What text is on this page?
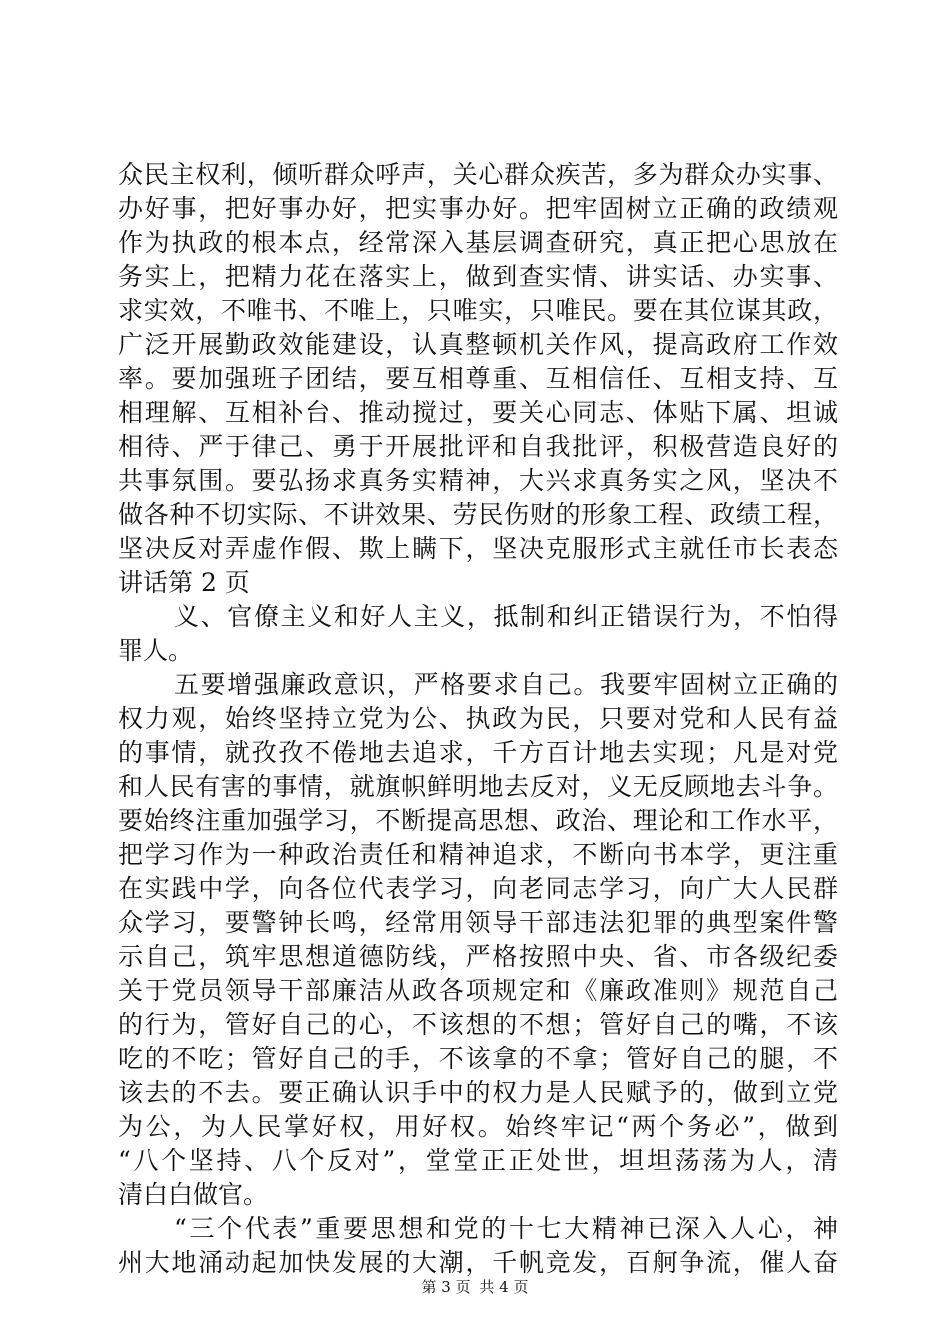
众民主权利，倾听群众呼声，关心群众疾苦，多为群众办实事、
办好事，把好事办好，把实事办好。把牢固树立正确的政绩观
作为执政的根本点，经常深入基层调查研究，真正把心思放在
务实上，把精力花在落实上，做到查实情、讲实话、办实事、
求实效，不唯书、不唯上，只唯实，只唯民。要在其位谋其政，
广泛开展勤政效能建设，认真整顿机关作风，提高政府工作效
率。要加强班子团结，要互相尊重、互相信任、互相支持、互
相理解、互相补台、推动搅过，要关心同志、体贴下属、坦诚
相待、严于律己、勇于开展批评和自我批评，积极营造良好的
共事氛围。要弘扬求真务实精神，大兴求真务实之风，坚决不
做各种不切实际、不讲效果、劳民伤财的形象工程、政绩工程，
坚决反对弄虚作假、欺上瞒下，坚决克服形式主就任市长表态
讲话第 2 页
义、官僚主义和好人主义，抵制和纠正错误行为，不怕得
罪人。
五要增强廉政意识，严格要求自己。我要牢固树立正确的
权力观，始终坚持立党为公、执政为民，只要对党和人民有益
的事情，就孜孜不倦地去追求，千方百计地去实现；凡是对党
和人民有害的事情，就旗帜鲜明地去反对，义无反顾地去斗争。
要始终注重加强学习，不断提高思想、政治、理论和工作水平，
把学习作为一种政治责任和精神追求，不断向书本学，更注重
在实践中学，向各位代表学习，向老同志学习，向广大人民群
众学习，要警钟长鸣，经常用领导干部违法犯罪的典型案件警
示自己，筑牢思想道德防线，严格按照中央、省、市各级纪委
关于党员领导干部廉洁从政各项规定和《廉政准则》规范自己
的行为，管好自己的心，不该想的不想；管好自己的嘴，不该
吃的不吃；管好自己的手，不该拿的不拿；管好自己的腿，不
该去的不去。要正确认识手中的权力是人民赋予的，做到立党
为公，为人民掌好权，用好权。始终牢记“两个务必”，做到
“八个坚持、八个反对”，堂堂正正处世，坦坦荡荡为人，清
清白白做官。
“三个代表”重要思想和党的十七大精神已深入人心，神
州大地涌动起加快发展的大潮，千帆竞发，百舸争流，催人奋
第 3 页 共 4 页
